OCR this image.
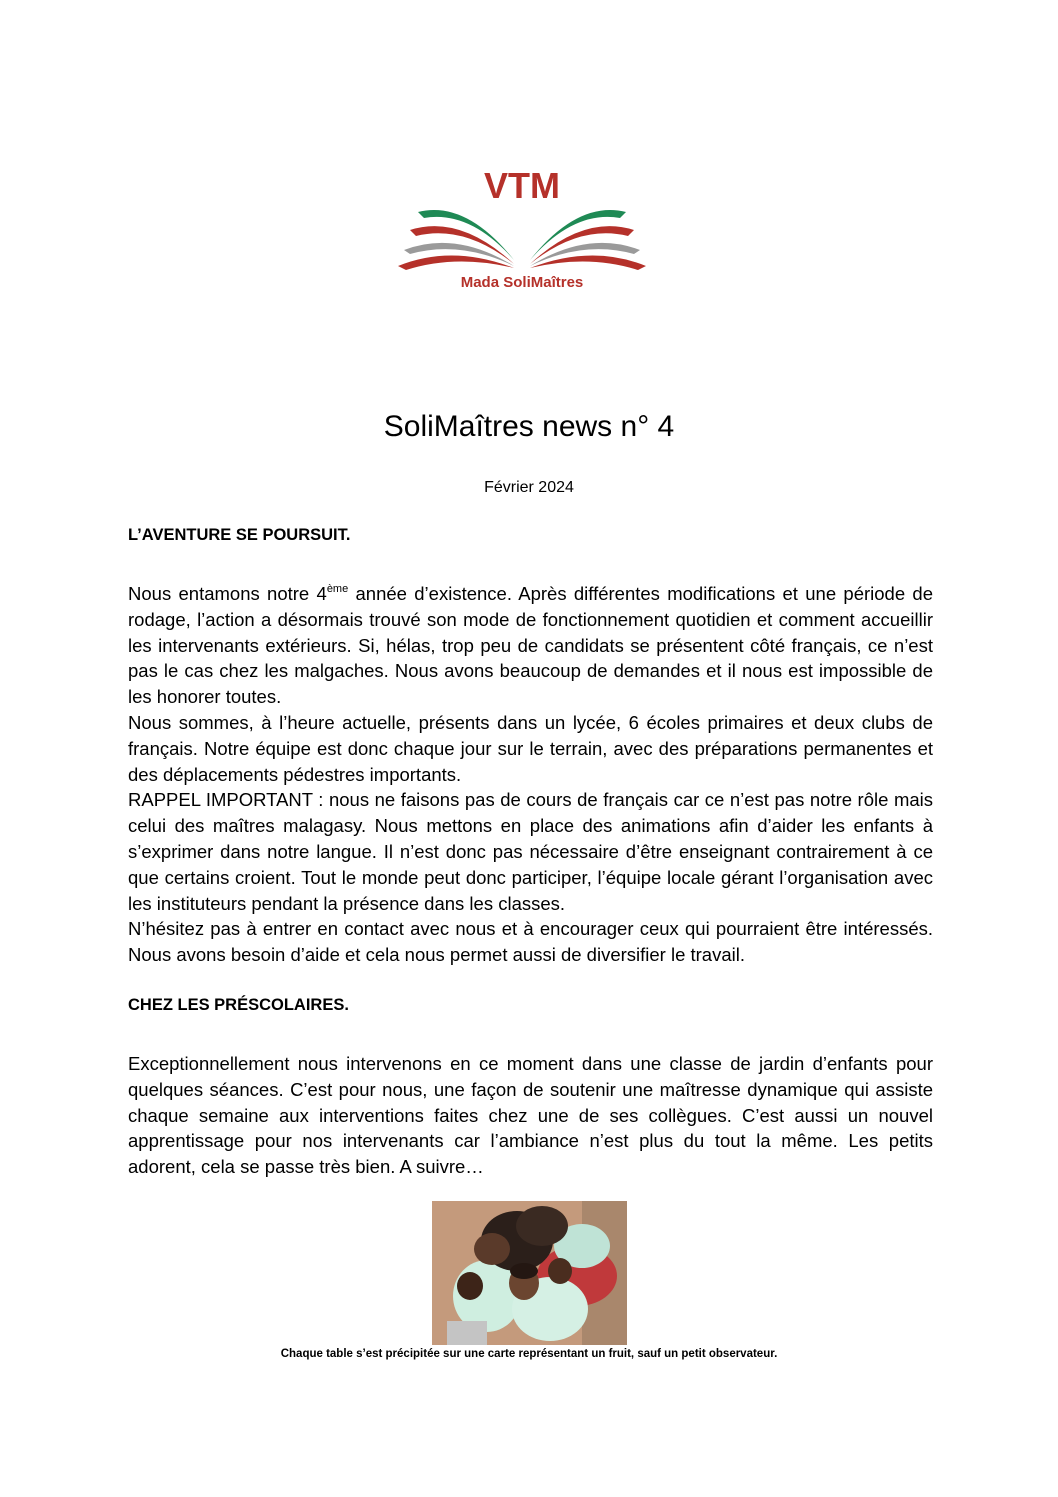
VTM
Mada SoliMaîtres
SoliMaîtres news n° 4
Février 2024
L’AVENTURE SE POURSUIT.

Nous entamons notre 4ème année d’existence. Après différentes modifications et une période de rodage, l’action a désormais trouvé son mode de fonctionnement quotidien et comment accueillir les intervenants extérieurs. Si, hélas, trop peu de candidats se présentent côté français, ce n’est pas le cas chez les malgaches. Nous avons beaucoup de demandes et il nous est impossible de les honorer toutes.

Nous sommes, à l’heure actuelle, présents dans un lycée, 6 écoles primaires et deux clubs de français. Notre équipe est donc chaque jour sur le terrain, avec des préparations permanentes et des déplacements pédestres importants.

RAPPEL IMPORTANT : nous ne faisons pas de cours de français car ce n’est pas notre rôle mais celui des maîtres malagasy. Nous mettons en place des animations afin d’aider les enfants à s’exprimer dans notre langue. Il n’est donc pas nécessaire d’être enseignant contrairement à ce que certains croient. Tout le monde peut donc participer, l’équipe locale gérant l’organisation avec les instituteurs pendant la présence dans les classes.

N’hésitez pas à entrer en contact avec nous et à encourager ceux qui pourraient être intéressés. Nous avons besoin d’aide et cela nous permet aussi de diversifier le travail.

CHEZ LES PRÉSCOLAIRES.

Exceptionnellement nous intervenons en ce moment dans une classe de jardin d’enfants pour quelques séances. C’est pour nous, une façon de soutenir une maîtresse dynamique qui assiste chaque semaine aux interventions faites chez une de ses collègues. C’est aussi un nouvel apprentissage pour nos intervenants car l’ambiance n’est plus du tout la même. Les petits adorent, cela se passe très bien. A suivre…

Chaque table s’est précipitée sur une carte représentant un fruit, sauf un petit observateur.
